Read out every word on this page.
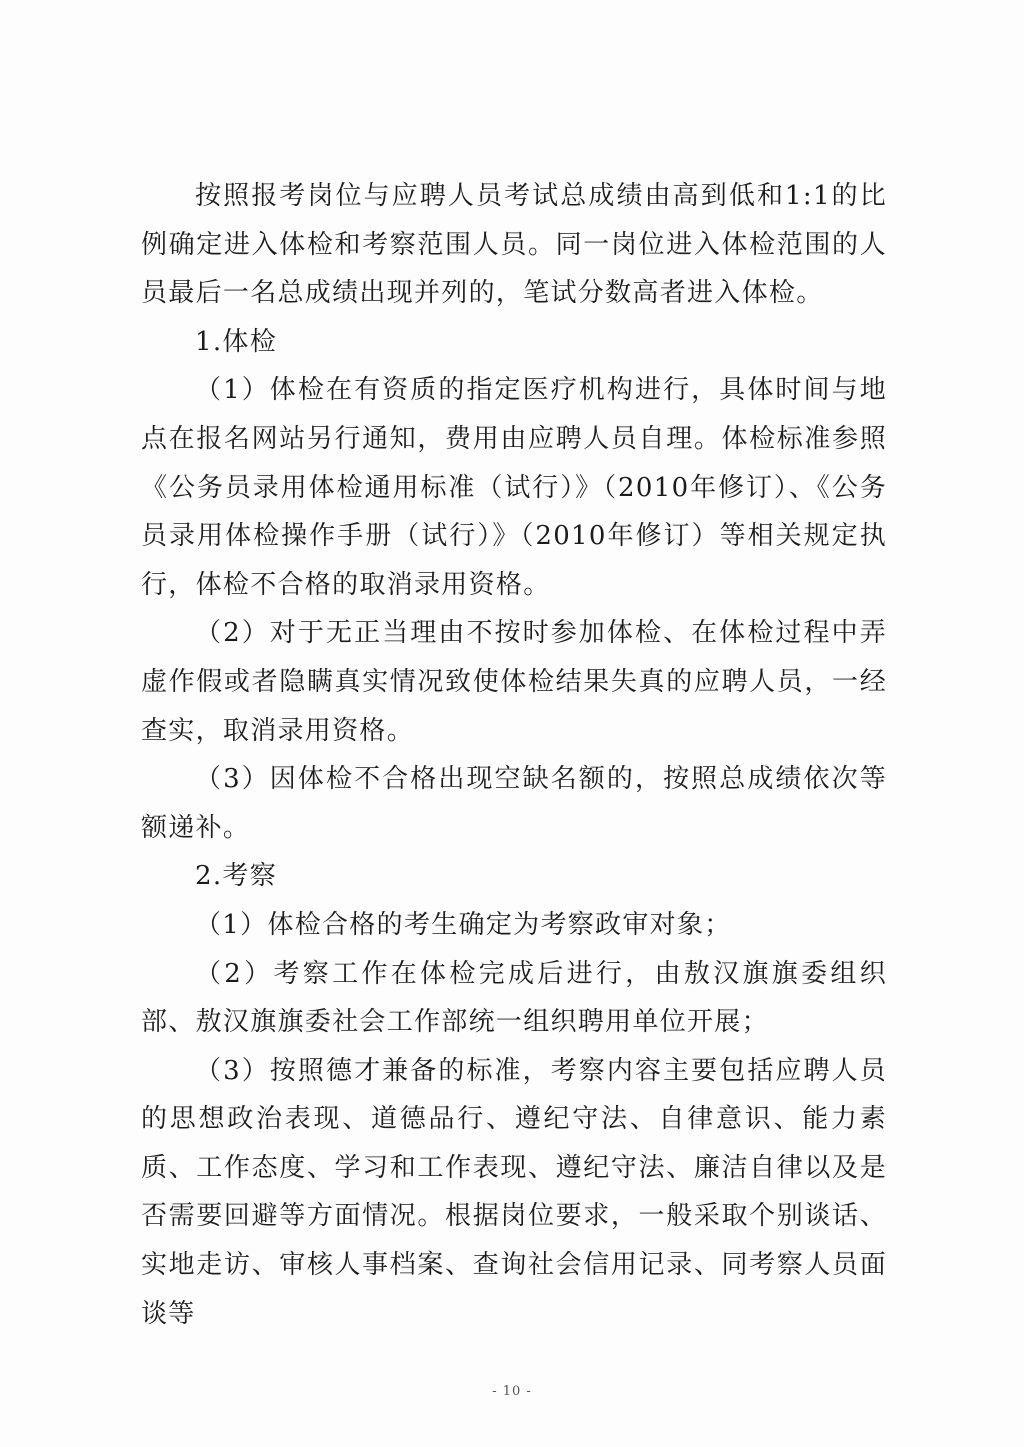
按照报考岗位与应聘人员考试总成绩由高到低和1:1的比例确定进入体检和考察范围人员。同一岗位进入体检范围的人员最后一名总成绩出现并列的，笔试分数高者进入体检。

1.体检

（1）体检在有资质的指定医疗机构进行，具体时间与地点在报名网站另行通知，费用由应聘人员自理。体检标准参照《公务员录用体检通用标准（试行）》（2010年修订）、《公务员录用体检操作手册（试行）》（2010年修订）等相关规定执行，体检不合格的取消录用资格。

（2）对于无正当理由不按时参加体检、在体检过程中弄虚作假或者隐瞒真实情况致使体检结果失真的应聘人员，一经查实，取消录用资格。

（3）因体检不合格出现空缺名额的，按照总成绩依次等额递补。

2.考察

（1）体检合格的考生确定为考察政审对象；

（2）考察工作在体检完成后进行，由敖汉旗旗委组织部、敖汉旗旗委社会工作部统一组织聘用单位开展；

（3）按照德才兼备的标准，考察内容主要包括应聘人员的思想政治表现、道德品行、遵纪守法、自律意识、能力素质、工作态度、学习和工作表现、遵纪守法、廉洁自律以及是否需要回避等方面情况。根据岗位要求，一般采取个别谈话、实地走访、审核人事档案、查询社会信用记录、同考察人员面谈等

- 10 -
